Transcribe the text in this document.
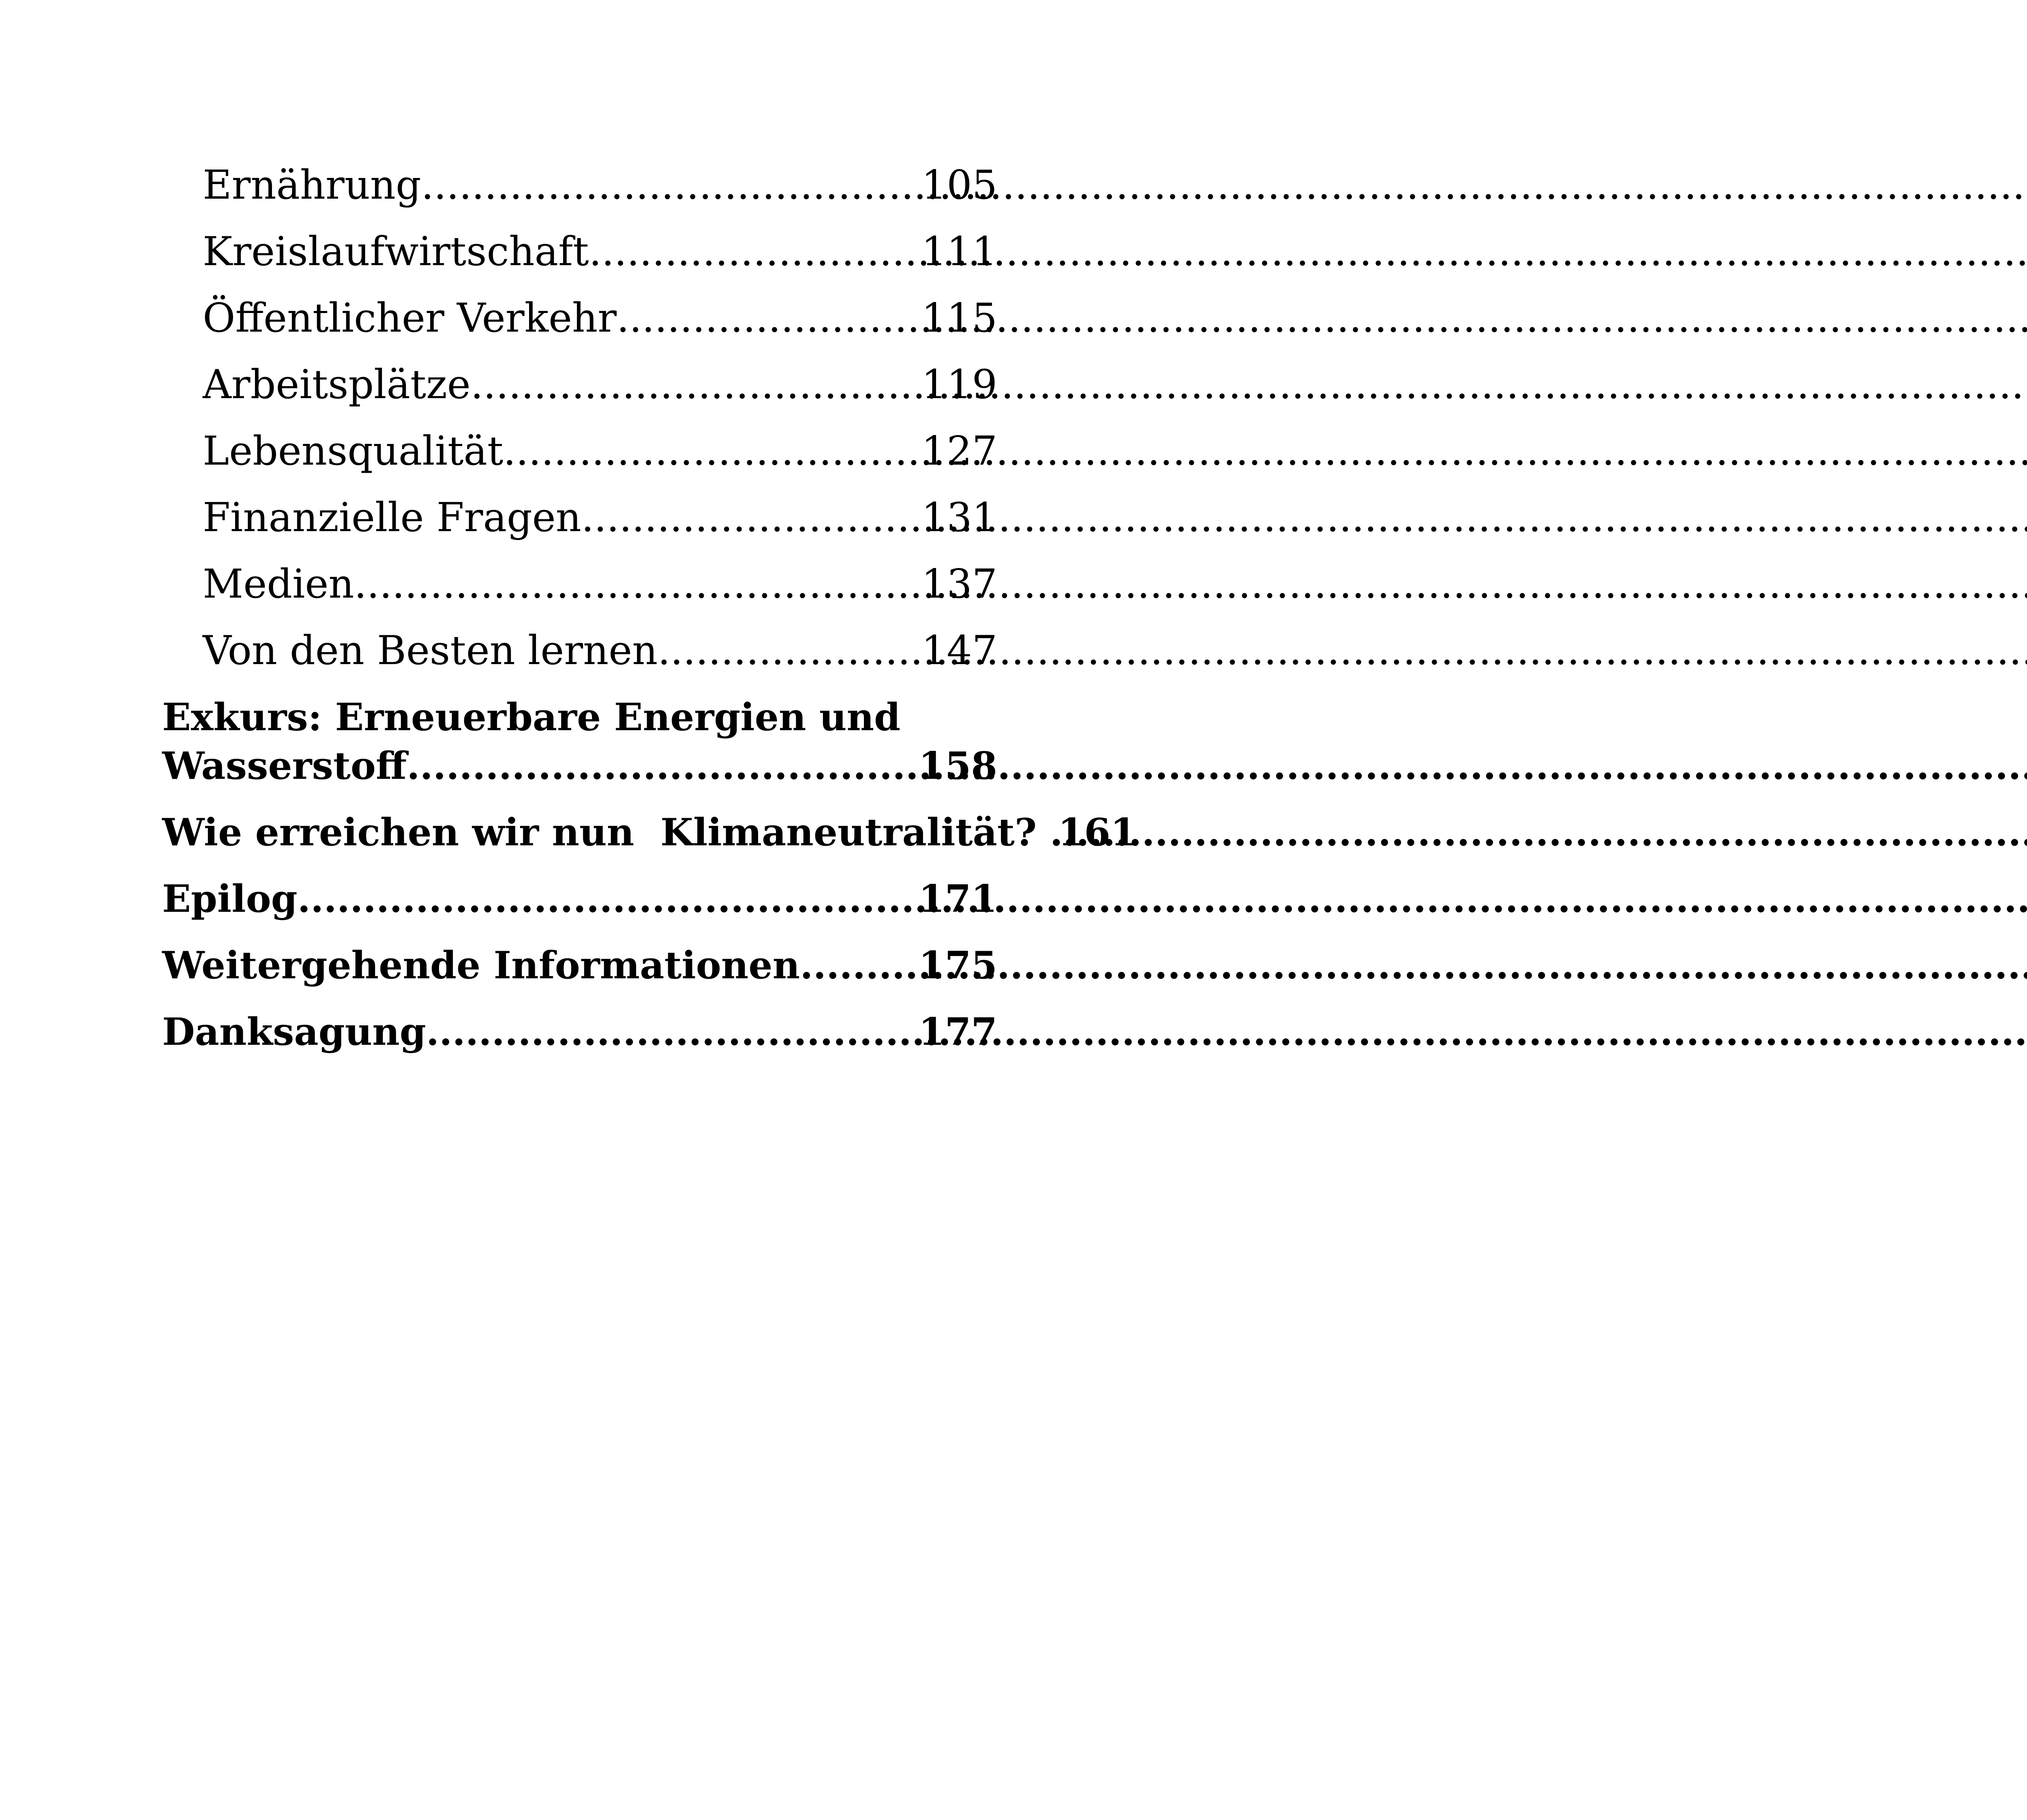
Ernährung .....	105
Kreislaufwirtschaft .....	111
Öffentlicher Verkehr .....	115
Arbeitsplätze .....	119
Lebensqualität .....	127
Finanzielle Fragen .....	131
Medien .....	137
Von den Besten lernen .....	147
Exkurs: Erneuerbare Energien und
Wasserstoff .....	158
Wie erreichen wir nun  Klimaneutralität? ..... 161
Epilog .....	171
Weitergehende Informationen .....	175
Danksagung .....	177
